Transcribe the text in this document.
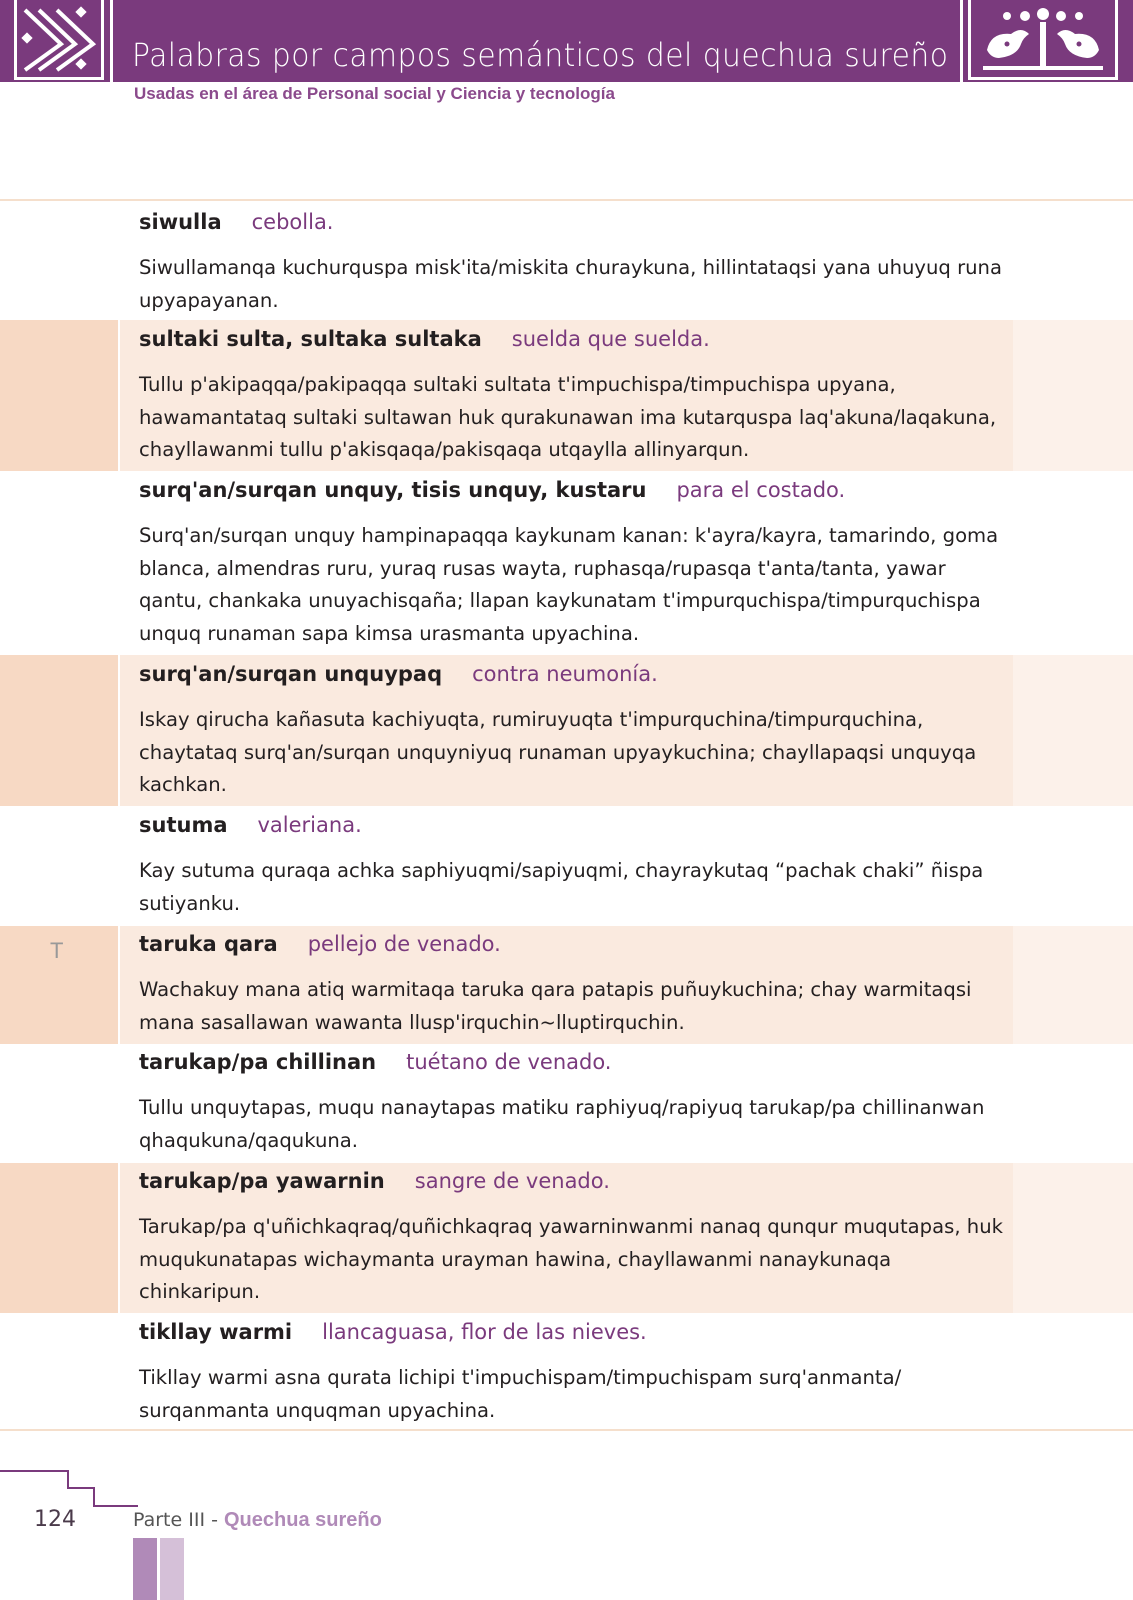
Palabras por campos semánticos del quechua sureño
Usadas en el área de Personal social y Ciencia y tecnología
T
siwulla cebolla.
Siwullamanqa kuchurquspa misk'ita/miskita churaykuna, hillintataqsi yana uhuyuq runa upyapayanan.
sultaki sulta, sultaka sultaka suelda que suelda.
Tullu p'akipaqqa/pakipaqqa sultaki sultata t'impuchispa/timpuchispa upyana, hawamantataq sultaki sultawan huk qurakunawan ima kutarquspa laq'akuna/laqakuna, chayllawanmi tullu p'akisqaqa/pakisqaqa utqaylla allinyarqun.
surq'an/surqan unquy, tisis unquy, kustaru para el costado.
Surq'an/surqan unquy hampinapaqqa kaykunam kanan: k'ayra/kayra, tamarindo, goma blanca, almendras ruru, yuraq rusas wayta, ruphasqa/rupasqa t'anta/tanta, yawar qantu, chankaka unuyachisqaña; llapan kaykunatam t'impurquchispa/timpurquchispa unquq runaman sapa kimsa urasmanta upyachina.
surq'an/surqan unquypaq contra neumonía.
Iskay qirucha kañasuta kachiyuqta, rumiruyuqta t'impurquchina/timpurquchina, chaytataq surq'an/surqan unquyniyuq runaman upyaykuchina; chayllapaqsi unquyqa kachkan.
sutuma valeriana.
Kay sutuma quraqa achka saphiyuqmi/sapiyuqmi, chayraykutaq “pachak chaki” ñispa sutiyanku.
taruka qara pellejo de venado.
Wachakuy mana atiq warmitaqa taruka qara patapis puñuykuchina; chay warmitaqsi mana sasallawan wawanta llusp'irquchin~lluptirquchin.
tarukap/pa chillinan tuétano de venado.
Tullu unquytapas, muqu nanaytapas matiku raphiyuq/rapiyuq tarukap/pa chillinanwan qhaqukuna/qaqukuna.
tarukap/pa yawarnin sangre de venado.
Tarukap/pa q'uñichkaqraq/quñichkaqraq yawarninwanmi nanaq qunqur muqutapas, huk muqukunatapas wichaymanta urayman hawina, chayllawanmi nanaykunaqa chinkaripun.
tikllay warmi llancaguasa, flor de las nieves.
Tikllay warmi asna qurata lichipi t'impuchispam/timpuchispam surq'anmanta/ surqanmanta unquqman upyachina.
124	Parte III - Quechua sureño
